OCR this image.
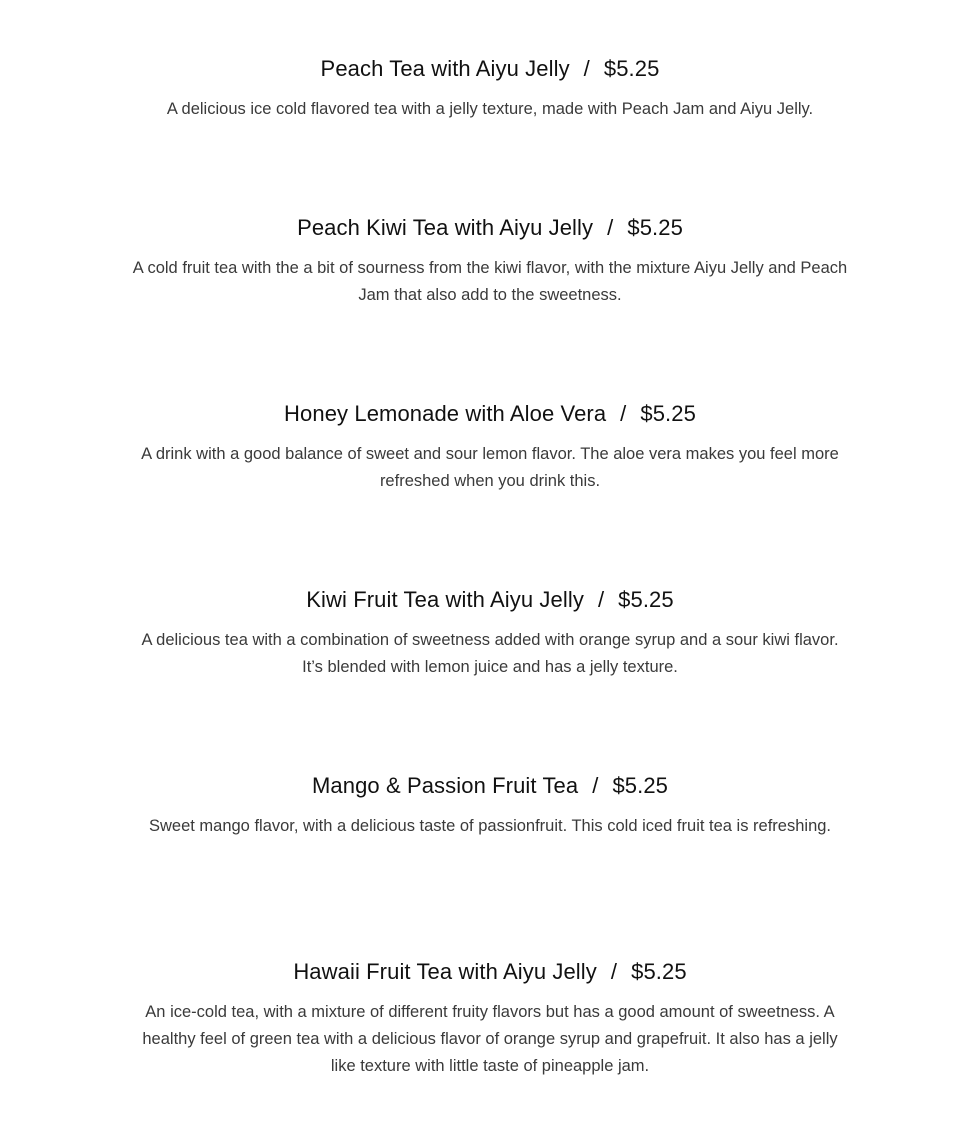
Peach Tea with Aiyu Jelly / $5.25
A delicious ice cold flavored tea with a jelly texture, made with Peach Jam and Aiyu Jelly.
Peach Kiwi Tea with Aiyu Jelly / $5.25
A cold fruit tea with the a bit of sourness from the kiwi flavor, with the mixture Aiyu Jelly and Peach Jam that also add to the sweetness.
Honey Lemonade with Aloe Vera / $5.25
A drink with a good balance of sweet and sour lemon flavor. The aloe vera makes you feel more refreshed when you drink this.
Kiwi Fruit Tea with Aiyu Jelly / $5.25
A delicious tea with a combination of sweetness added with orange syrup and a sour kiwi flavor. It’s blended with lemon juice and has a jelly texture.
Mango & Passion Fruit Tea / $5.25
Sweet mango flavor, with a delicious taste of passionfruit. This cold iced fruit tea is refreshing.
Hawaii Fruit Tea with Aiyu Jelly / $5.25
An ice-cold tea, with a mixture of different fruity flavors but has a good amount of sweetness. A healthy feel of green tea with a delicious flavor of orange syrup and grapefruit. It also has a jelly like texture with little taste of pineapple jam.
